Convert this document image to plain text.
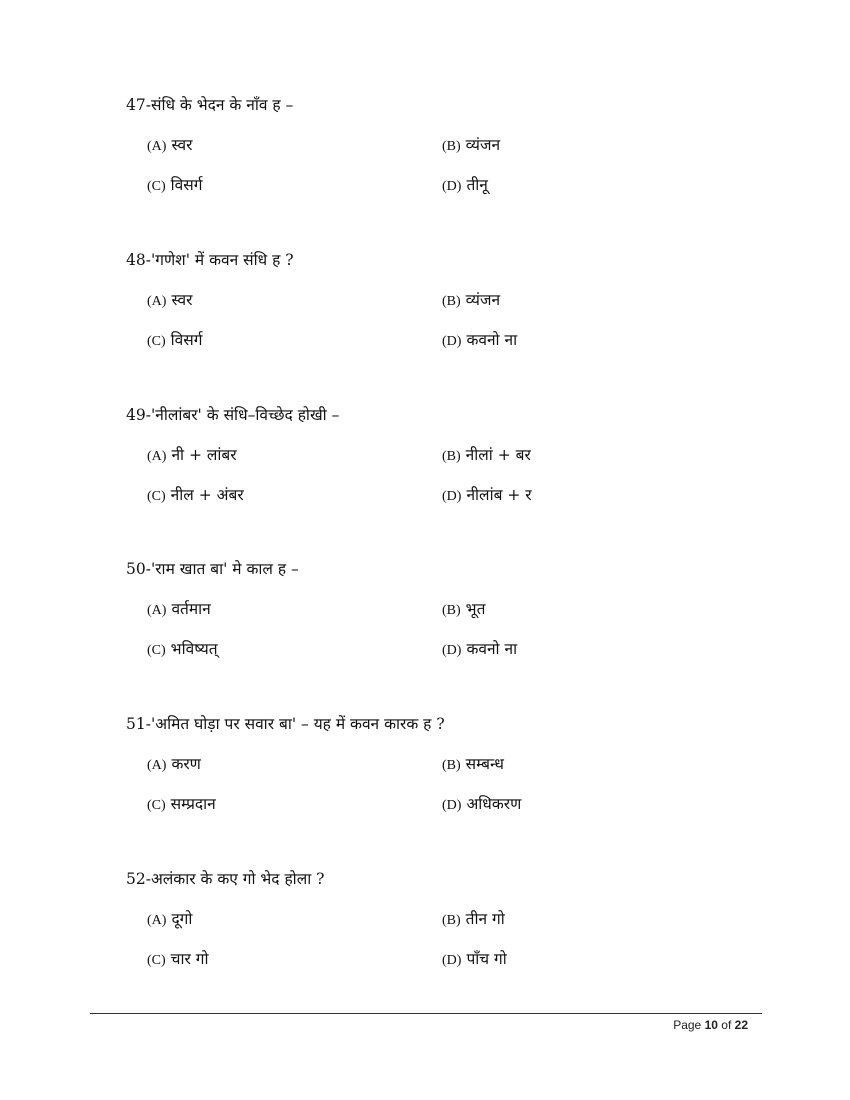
47-संधि के भेदन के नाँव ह –
(A) स्वर	(B) व्यंजन
(C) विसर्ग	(D) तीनू
48-'गणेश' में कवन संधि ह ?
(A) स्वर	(B) व्यंजन
(C) विसर्ग	(D) कवनो ना
49-'नीलांबर' के संधि–विच्छेद होखी –
(A) नी + लांबर	(B) नीलां + बर
(C) नील + अंबर	(D) नीलांब + र
50-'राम खात बा' मे काल ह –
(A) वर्तमान	(B) भूत
(C) भविष्यत्	(D) कवनो ना
51-'अमित घोड़ा पर सवार बा' – यह में कवन कारक ह ?
(A) करण	(B) सम्बन्ध
(C) सम्प्रदान	(D) अधिकरण
52-अलंकार के कए गो भेद होला ?
(A) दूगो	(B) तीन गो
(C) चार गो	(D) पाँच गो
Page 10 of 22
